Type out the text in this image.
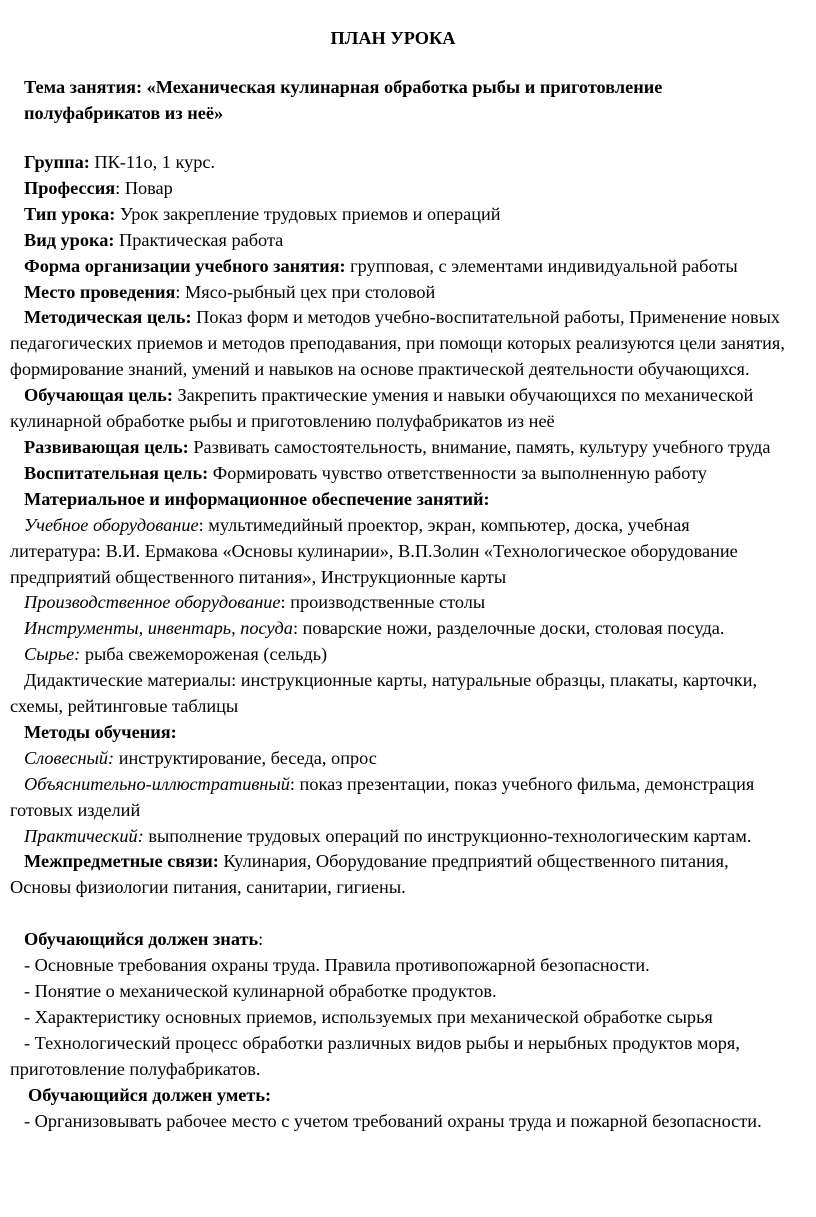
ПЛАН УРОКА
Тема занятия: «Механическая кулинарная обработка рыбы и приготовление полуфабрикатов из неё»

Группа: ПК-11о, 1 курс.

Профессия: Повар

Тип урока: Урок закрепление трудовых приемов и операций

Вид урока: Практическая работа

Форма организации учебного занятия: групповая, с элементами индивидуальной работы

Место проведения: Мясо-рыбный цех при столовой

Методическая цель: Показ форм и методов учебно-воспитательной работы, Применение новых педагогических приемов и методов преподавания, при помощи которых реализуются цели занятия, формирование знаний, умений и навыков на основе практической деятельности обучающихся.

Обучающая цель: Закрепить практические умения и навыки обучающихся по механической кулинарной обработке рыбы и приготовлению полуфабрикатов из неё

Развивающая цель: Развивать самостоятельность, внимание, память, культуру учебного труда

Воспитательная цель: Формировать чувство ответственности за выполненную работу

Материальное и информационное обеспечение занятий:

Учебное оборудование: мультимедийный проектор, экран, компьютер, доска, учебная литература: В.И. Ермакова «Основы кулинарии», В.П.Золин «Технологическое оборудование предприятий общественного питания», Инструкционные карты

Производственное оборудование: производственные столы

Инструменты, инвентарь, посуда: поварские ножи, разделочные доски, столовая посуда.

Сырье: рыба свежемороженая (сельдь)

Дидактические материалы: инструкционные карты, натуральные образцы, плакаты, карточки, схемы, рейтинговые таблицы

Методы обучения:

Словесный: инструктирование, беседа, опрос

Объяснительно-иллюстративный: показ презентации, показ учебного фильма, демонстрация готовых изделий

Практический: выполнение трудовых операций по инструкционно-технологическим картам.

Межпредметные связи: Кулинария, Оборудование предприятий общественного питания, Основы физиологии питания, санитарии, гигиены.

Обучающийся должен знать:

- Основные требования охраны труда. Правила противопожарной безопасности.

- Понятие о механической кулинарной обработке продуктов.

- Характеристику основных приемов, используемых при механической обработке сырья

- Технологический процесс обработки различных видов рыбы и нерыбных продуктов моря, приготовление полуфабрикатов.

Обучающийся должен уметь:

- Организовывать рабочее место с учетом требований охраны труда и пожарной безопасности.
